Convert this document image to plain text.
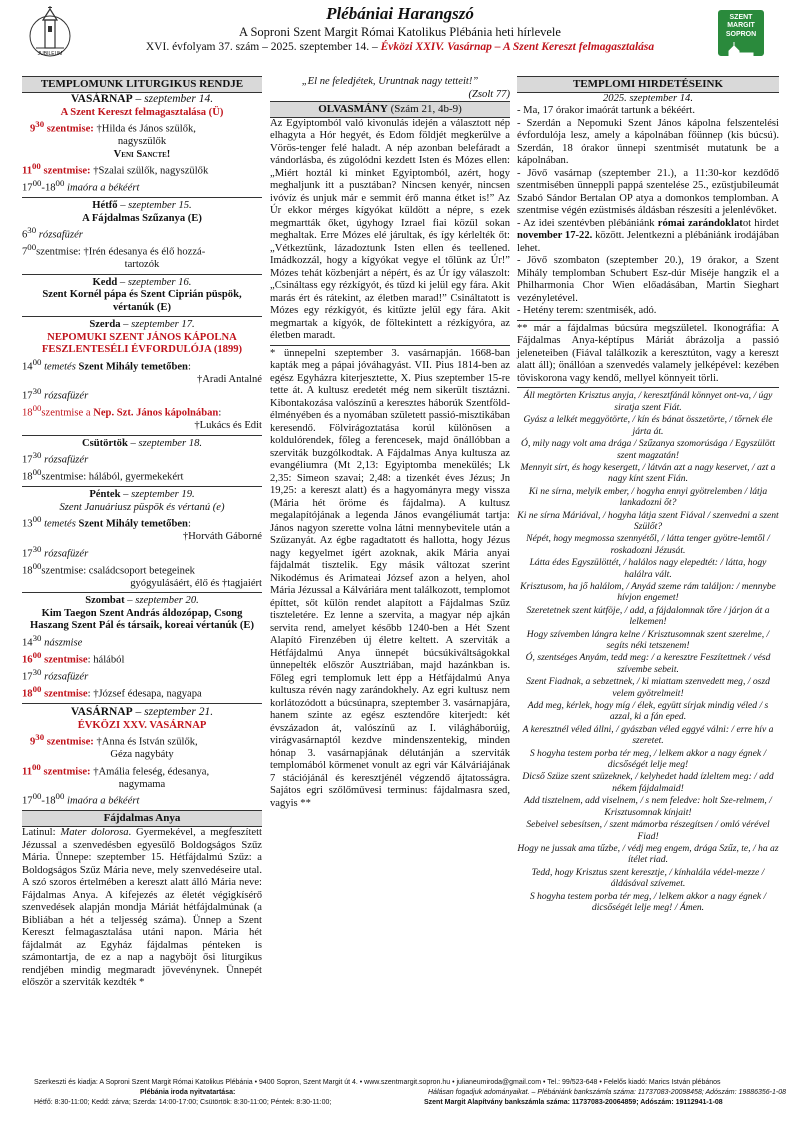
JUBILEUM
Plébániai Harangszó
A Soproni Szent Margit Római Katolikus Plébánia heti hírlevele
XVI. évfolyam 37. szám – 2025. szeptember 14. – Évközi XXIV. Vasárnap – A Szent Kereszt felmagasztalása
SZENT MARGIT SOPRON
TEMPLOMUNK LITURGIKUS RENDJE
VASÁRNAP – szeptember 14.
A Szent Kereszt felmagasztalása (Ü)
$9^{30}$ szentmise: †Hilda és János szülők,
nagyszülők
Veni Sancte!
$11^{00}$ szentmise: †Szalai szülők, nagyszülők
$17^{00}-18^{00}$ imaóra a békéért
Hétfő – szeptember 15.
A Fájdalmas Szűzanya (E)
$6^{30}$ rózsafüzér
$7^{00}szentmise$: †Irén édesanya és élő hozzá-
tartozók
Kedd – szeptember 16.
Szent Kornél pápa és Szent Ciprián püspök, vértanúk (E)
Szerda – szeptember 17.
NEPOMUKI SZENT JÁNOS KÁPOLNA FESZLENTESÉLI ÉVFORDULÓJA (1899)
$14^{00}$ temetés Szent Mihály temetőben:
†Aradi Antalné
$17^{30}$ rózsafüzér
$18^{00}szentmise$ a Nep. Szt. János kápolnában:
†Lukács és Edit
Csütörtök – szeptember 18.
$17^{30}$ rózsafüzér
$18^{00}szentmise$: hálából, gyermekekért
Péntek – szeptember 19.
Szent Januáriusz püspök és vértanú (e)
$13^{00}$ temetés Szent Mihály temetőben:
†Horváth Gáborné
$17^{30}$ rózsafüzér
$18^{00}szentmise$: családcsoport betegeinek
gyógyulásáért, élő és †tagjaiért
Szombat – szeptember 20.
Kim Taegon Szent András áldozópap, Csong Haszang Szent Pál és társaik, koreai vértanúk (E)
$14^{30}$ nászmise
$16^{00}$ szentmise: hálából
$17^{30}$ rózsafüzér
$18^{00}$ szentmise: †József édesapa, nagyapa
VASÁRNAP – szeptember 21.
ÉVKÖZI XXV. VASÁRNAP
$9^{30}$ szentmise: †Anna és István szülők,
Géza nagybáty
$11^{00}$ szentmise: †Amália feleség, édesanya,
nagymama
$17^{00}-18^{00}$ imaóra a békéért
Fájdalmas Anya
Latinul: Mater dolorosa. Gyermekével, a megfeszített Jézussal a szenvedésben egyesülő Boldogságos Szűz Mária. Ünnepe: szeptember 15. Hétfájdalmú Szűz: a Boldogságos Szűz Mária neve, mely szenvedéseire utal. A szó szoros értelmében a kereszt alatt álló Mária neve: Fájdalmas Anya. A kifejezés az életét végigkísérő szenvedések alapján mondja Máriát hétfájdalmúnak (a Bibliában a hét a teljesség száma). Ünnep a Szent Kereszt felmagasztalása utáni napon. Mária hét fájdalmát az Egyház fájdalmas pénteken is számontartja, de ez a nap a nagyböjt ősi liturgikus rendjében mindig megmaradt jövevénynek. Ünnepét először a szerviták kezdték *
„El ne feledjétek, Uruntnak nagy tetteit!”
(Zsolt 77)
OLVASMÁNY (Szám 21, 4b-9)
Az Egyiptomból való kivonulás idején a választott nép elhagyta a Hór hegyét, és Edom földjét megkerülve a Vörös-tenger felé haladt. A nép azonban belefáradt a vándorlásba, és zúgolódni kezdett Isten és Mózes ellen: „Miért hoztál ki minket Egyiptomból, azért, hogy meghaljunk itt a pusztában? Nincsen kenyér, nincsen ivóvíz és unjuk már e semmit érő manna étket is!” Az Úr ekkor mérges kígyókat küldött a népre, s ezek megmartták őket, úgyhogy Izrael fiai közül sokan meghaltak. Erre Mózes elé járultak, és így kérlelték őt: „Vétkeztünk, lázadoztunk Isten ellen és teellened. Imádkozzál, hogy a kígyókat vegye el tőlünk az Úr!” Mózes tehát közbenjárt a népért, és az Úr így válaszolt: „Csináltass egy rézkígyót, és tűzd ki jelül egy fára. Akit marás ért és rátekint, az életben marad!” Csináltatott is Mózes egy rézkígyót, és kitűzte jelül egy fára. Akit megmartak a kígyók, de föltekintett a rézkígyóra, az életben maradt.
* ünnepelni szeptember 3. vasárnapján. 1668-ban kapták meg a pápai jóváhagyást. VII. Pius 1814-ben az egész Egyházra kiterjesztette, X. Pius szeptember 15-re tette át. A kultusz eredetét még nem sikerült tisztázni. Kibontakozása valószínű a keresztes háborúk Szentföld-élményében és a nyomában született passió-misztikában keresendő. Fölvirágoztatása korúl különösen a koldulórendek, főleg a ferencesek, majd önállóbban a szerviták buzgólkodtak. A Fájdalmas Anya kultusza az evangéliumra (Mt 2,13: Egyiptomba menekülés; Lk 2,35: Simeon szavai; 2,48: a tizenkét éves Jézus; Jn 19,25: a kereszt alatt) és a hagyományra megy vissza (Mária hét öröme és fájdalma). A kultusz megalapítójának a legenda János evangéliumát tartja: János nagyon szerette volna látni mennybevitele után a Szűzanyát. Az égbe ragadtatott és hallotta, hogy Jézus nagy kegyelmet ígért azoknak, akik Mária anyai fájdalmát tisztelik. Egy másik változat szerint Nikodémus és Arimateai József azon a helyen, ahol Mária Jézussal a Kálváriára ment találkozott, templomot építtet, sőt külön rendet alapított a Fájdalmas Szűz tiszteletére. Ez lenne a szervita, a magyar nép ajkán servita rend, amelyet később 1240-ben a Hét Szent Alapító Firenzében új életre keltett. A szerviták a Hétfájdalmú Anya ünnepét búcsúkiváltságokkal ünnepelték először Ausztriában, majd hazánkban is. Főleg egri templomuk lett épp a Hétfájdalmú Anya kultusza révén nagy zarándokhely. Az egri kultusz nem korlátozódott a búcsúnapra, szeptember 3. vasárnapjára, hanem szinte az egész esztendőre kiterjedt: két évszázadon át, valószínű az I. világháborúig, virágvasárnaptól kezdve mindenszentekig, minden hónap 3. vasárnapjának délutánján a szerviták templomából körmenet vonult az egri vár Kálváriájának 7 stációjánál és keresztjénél végzendő ájtatosságra. Sajátos egri szőlőművesi terminus: fájdalmasra szed, vagyis **
TEMPLOMI HIRDETÉSEINK
2025. szeptember 14.
- Ma, 17 órakor imaórát tartunk a békéért.
- Szerdán a Nepomuki Szent János kápolna felszentelési évfordulója lesz, amely a kápolnában főünnep (kis búcsú). Szerdán, 18 órakor ünnepi szentmisét mutatunk be a kápolnában.
- Jövő vasárnap (szeptember 21.), a 11:30-kor kezdődő szentmisében ünneppli pappá szentelése 25., ezüstjubileumát Szabó Sándor Bertalan OP atya a domonkos templomban. A szentmise végén ezüstmisés áldásban részesíti a jelenlévőket.
- Az idei szentévben plébániánk római zarándoklatot hirdet november 17-22. között. Jelentkezni a plébániánk irodájában lehet.
- Jövő szombaton (szeptember 20.), 19 órakor, a Szent Mihály templomban Schubert Esz-dúr Miséje hangzik el a Philharmonia Chor Wien előadásában, Martin Sieghart vezényletével.
- Hetény terem: szentmisék, adó.
** már a fájdalmas búcsúra megszületel. Ikonográfia: A Fájdalmas Anya-képtípus Máriát ábrázolja a passió jeleneteiben (Fiával találkozik a keresztúton, vagy a kereszt alatt áll); önállóan a szenvedés valamely jelképével: kezében töviskorona vagy kendő, mellyel könnyeit törli.

Áll megtörten Krisztus anyja, / keresztfánál könnyet ont-va, / úgy siratja szent Fiát.

Gyász a lelkét meggyötörte, / kín és bánat összetörte, / tőrnek éle járta át.

Ó, mily nagy volt ama drága / Szűzanya szomorúsága / Egyszülött szent magzatán!

Mennyit sírt, és hogy kesergett, / látván azt a nagy keservet, / azt a nagy kínt szent Fián.

Ki ne sírna, melyik ember, / hogyha ennyi gyötrelemben / látja lankadozni őt?

Ki ne sírna Máriával, / hogyha látja szent Fiával / szenvedni a szent Szülőt?

Népét, hogy megmossa szennyétől, / látta tenger gyötre-lemtől / roskadozni Jézusát.

Látta édes Egyszülöttét, / halálos nagy elepedtét: / látta, hogy halálra vált.

Krisztusom, ha jő halálom, / Anyád szeme rám találjon: / mennybe hívjon engemet!

Szeretetnek szent kútföje, / add, a fájdalomnak tőre / járjon át a lelkemen!

Hogy szívemben lángra kelne / Krisztusomnak szent szerelme, / segíts néki tetszenem!

Ó, szentséges Anyám, tedd meg: / a keresztre Feszítettnek / vésd szívembe sebeit.

Szent Fiadnak, a sebzettnek, / ki miattam szenvedett meg, / oszd velem gyötrelmeit!

Add meg, kérlek, hogy míg / élek, együtt sírjak mindig véled / s azzal, ki a fán eped.

A keresztnél véled állni, / gyászban véled eggyé válni: / erre hív a szeretet.

S hogyha testem porba tér meg, / lelkem akkor a nagy égnek / dicsőségét lelje meg!

Dicső Szüze szent szüzeknek, / kelyhedet hadd ízleltem meg: / add nékem fájdalmaid!

Add tisztelnem, add viselnem, / s nem feledve: holt Sze-relmem, / Krisztusomnak kínjait!

Sebeivel sebesítsen, / szent mámorba részegítsen / omló vérével Fiad!

Hogy ne jussak ama tűzbe, / védj meg engem, drága Szűz, te, / ha az ítélet riad.

Tedd, hogy Krisztus szent keresztje, / kínhalála védel-mezze / áldásával szívemet.

S hogyha testem porba tér meg, / lelkem akkor a nagy égnek / dicsőségét lelje meg! / Ámen.

Szerkeszti és kiadja: A Soproni Szent Margit Római Katolikus Plébánia • 9400 Sopron, Szent Margit út 4. • www.szentmargit.sopron.hu • julianeumiroda@gmail.com • Tel.: 99/523-648 • Felelős kiadó: Marics István plébános
Plébánia iroda nyitvatartása:	Hálásan fogadjuk adományaikat. – Plébániánk bankszámla száma: 11737083-20098458; Adószám: 19886356-1-08
Hétfő: 8:30-11:00; Kedd: zárva; Szerda: 14:00-17:00; Csütörtök: 8:30-11:00; Péntek: 8:30-11:00;	Szent Margit Alapítvány bankszámla száma: 11737083-20064859; Adószám: 19112941-1-08
